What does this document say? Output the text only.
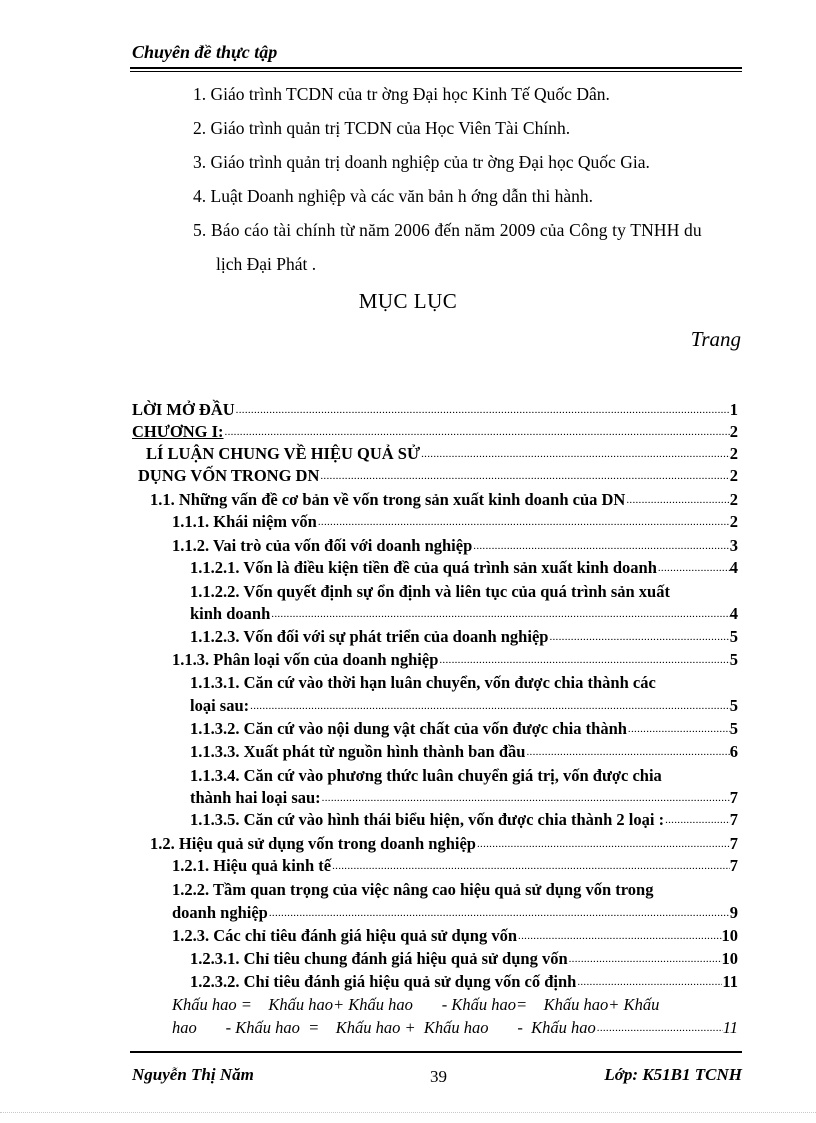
Chuyên đề thực tập
1. Giáo trình TCDN của tr ờng Đại học Kinh Tế Quốc Dân.
2. Giáo trình quản trị TCDN của Học Viên Tài Chính.
3. Giáo trình quản trị doanh nghiệp của tr ờng Đại học Quốc Gia.
4. Luật Doanh nghiệp và các văn bản h ớng dẫn thi hành.
5. Báo cáo tài chính từ năm 2006 đến năm 2009 của Công ty TNHH du
lịch Đại Phát .
MỤC LỤC
Trang
LỜI MỞ ĐẦU .....	1
CHƯƠNG I: .....	2
LÍ LUẬN CHUNG VỀ HIỆU QUẢ SỬ .....	2
DỤNG VỐN TRONG DN .....	2
1.1. Những vấn đề cơ bản về vốn trong sản xuất kinh doanh của DN .....	2
1.1.1. Khái niệm vốn .....	2
1.1.2. Vai trò của vốn đối với doanh nghiệp .....	3
1.1.2.1. Vốn là điều kiện tiền đề của quá trình sản xuất kinh doanh .....	4
1.1.2.2. Vốn quyết định sự ổn định và liên tục của quá trình sản xuất
kinh doanh .....	4
1.1.2.3. Vốn đối với sự phát triển của doanh nghiệp .....	5
1.1.3. Phân loại vốn của doanh nghiệp .....	5
1.1.3.1. Căn cứ vào thời hạn luân chuyển, vốn được chia thành các
loại sau: .....	5
1.1.3.2. Căn cứ vào nội dung vật chất của vốn được chia thành .....	5
1.1.3.3. Xuất phát từ nguồn hình thành ban đầu .....	6
1.1.3.4. Căn cứ vào phương thức luân chuyển giá trị, vốn được chia
thành hai loại sau: .....	7
1.1.3.5. Căn cứ vào hình thái biểu hiện, vốn được chia thành 2 loại : .....	7
1.2. Hiệu quả sử dụng vốn trong doanh nghiệp .....	7
1.2.1. Hiệu quả kinh tế .....	7
1.2.2. Tầm quan trọng của việc nâng cao hiệu quả sử dụng vốn trong
doanh nghiệp .....	9
1.2.3. Các chỉ tiêu đánh giá hiệu quả sử dụng vốn .....	10
1.2.3.1. Chỉ tiêu chung đánh giá hiệu quả sử dụng vốn .....	10
1.2.3.2. Chỉ tiêu đánh giá hiệu quả sử dụng vốn cố định .....	11
Khấu hao =    Khấu hao+ Khấu hao       - Khấu hao=    Khấu hao+ Khấu
hao       - Khấu hao  =    Khấu hao +  Khấu hao       -  Khấu hao .....	11
Nguyễn Thị Năm	39	Lớp: K51B1 TCNH
